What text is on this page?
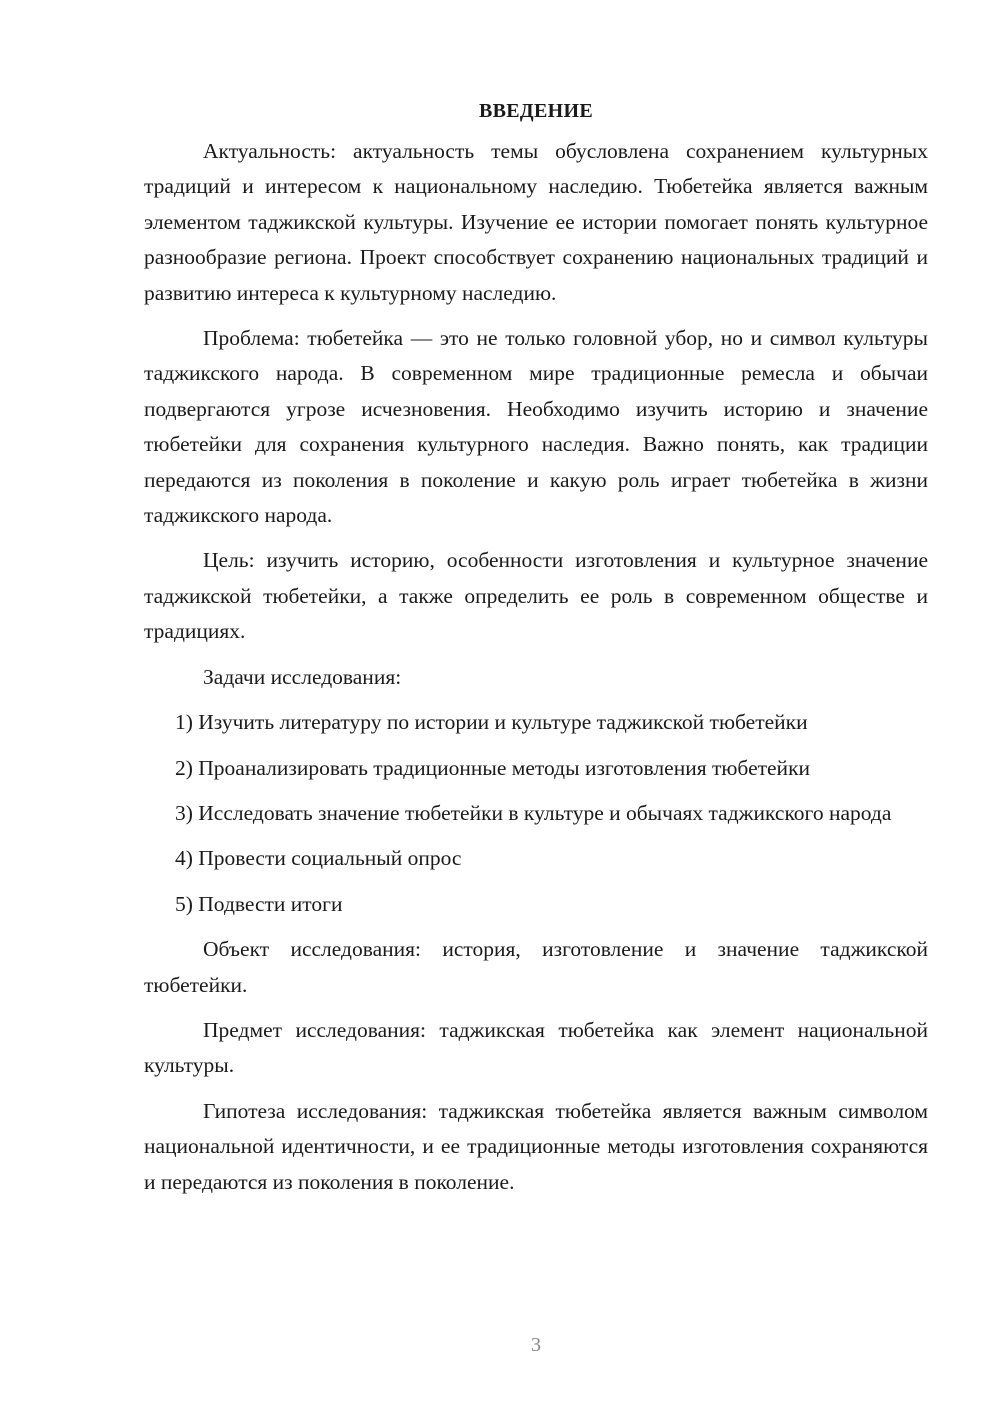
ВВЕДЕНИЕ

Актуальность: актуальность темы обусловлена сохранением культурных традиций и интересом к национальному наследию. Тюбетейка является важным элементом таджикской культуры. Изучение ее истории помогает понять культурное разнообразие региона. Проект способствует сохранению национальных традиций и развитию интереса к культурному наследию.

Проблема: тюбетейка — это не только головной убор, но и символ культуры таджикского народа. В современном мире традиционные ремесла и обычаи подвергаются угрозе исчезновения. Необходимо изучить историю и значение тюбетейки для сохранения культурного наследия. Важно понять, как традиции передаются из поколения в поколение и какую роль играет тюбетейка в жизни таджикского народа.

Цель: изучить историю, особенности изготовления и культурное значение таджикской тюбетейки, а также определить ее роль в современном обществе и традициях.

Задачи исследования:

1) Изучить литературу по истории и культуре таджикской тюбетейки

2) Проанализировать традиционные методы изготовления тюбетейки

3) Исследовать значение тюбетейки в культуре и обычаях таджикского народа

4) Провести социальный опрос

5) Подвести итоги

Объект исследования: история, изготовление и значение таджикской тюбетейки.

Предмет исследования: таджикская тюбетейка как элемент национальной культуры.

Гипотеза исследования: таджикская тюбетейка является важным символом национальной идентичности, и ее традиционные методы изготовления сохраняются и передаются из поколения в поколение.

3
